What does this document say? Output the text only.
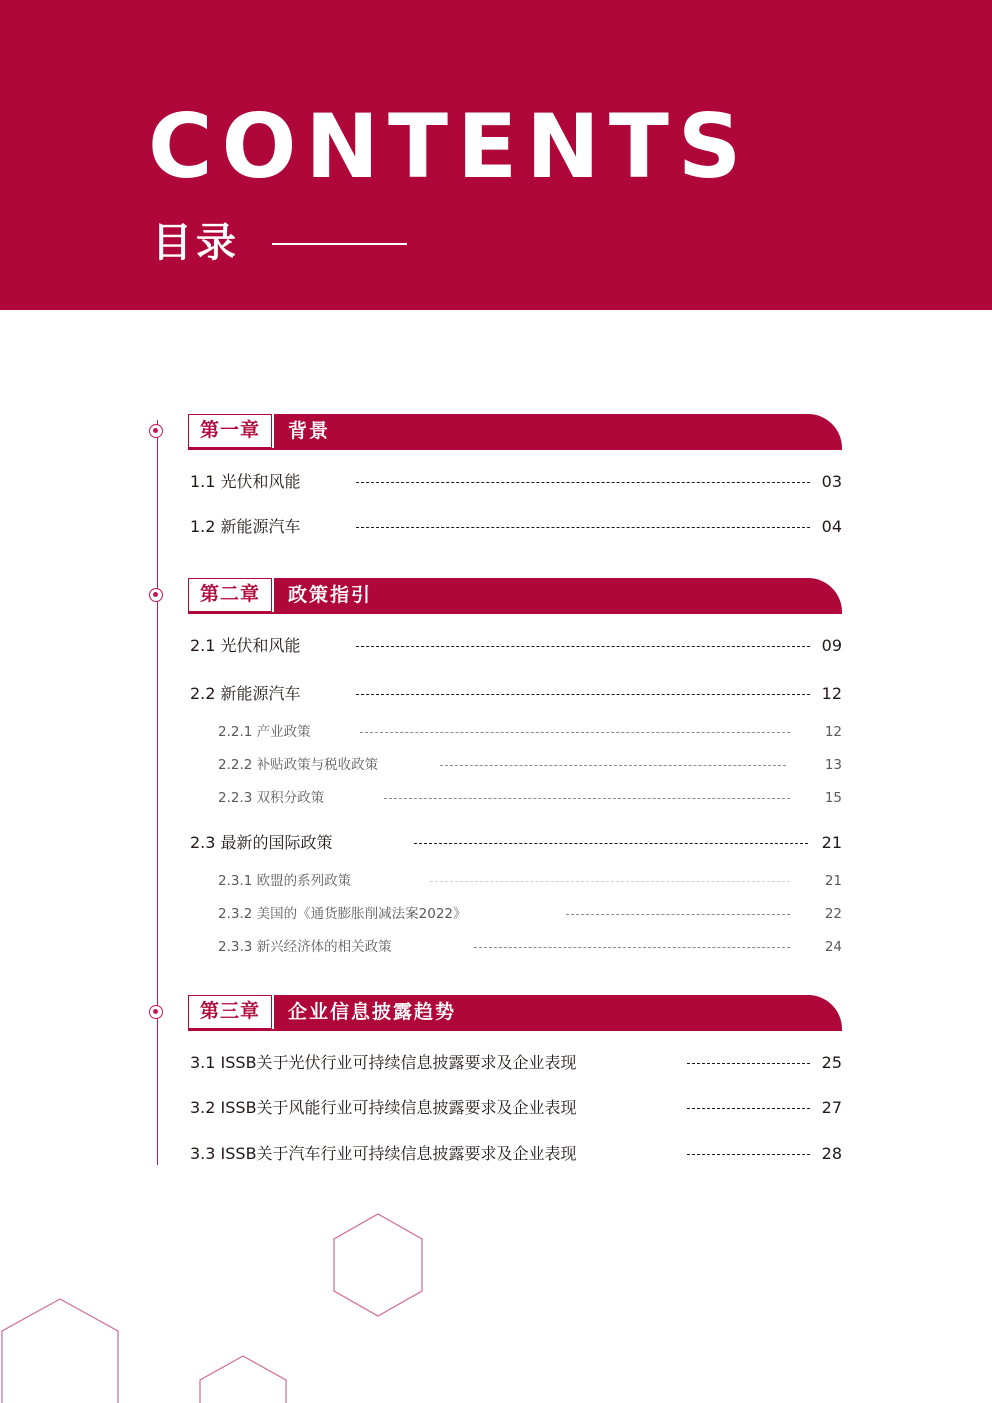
CONTENTS
目录
第一章	背景
1.1 光伏和风能	03
1.2 新能源汽车	04
第二章	政策指引
2.1 光伏和风能	09
2.2 新能源汽车	12
2.2.1 产业政策	12
2.2.2 补贴政策与税收政策	13
2.2.3 双积分政策	15
2.3 最新的国际政策	21
2.3.1 欧盟的系列政策	21
2.3.2 美国的《通货膨胀削减法案2022》	22
2.3.3 新兴经济体的相关政策	24
第三章	企业信息披露趋势
3.1 ISSB关于光伏行业可持续信息披露要求及企业表现	25
3.2 ISSB关于风能行业可持续信息披露要求及企业表现	27
3.3 ISSB关于汽车行业可持续信息披露要求及企业表现	28
